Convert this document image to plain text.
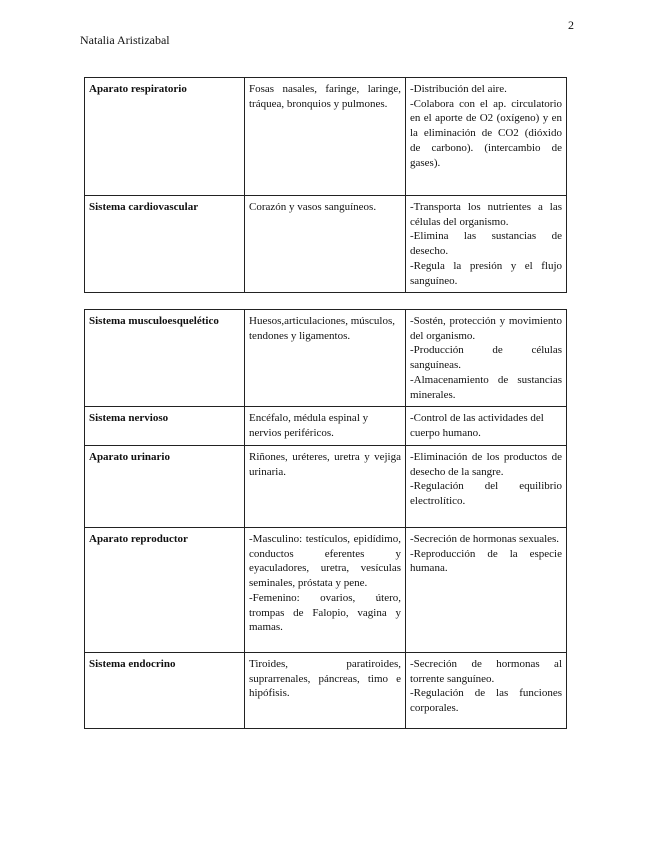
2
Natalia Aristizabal
Aparato respiratorio	Fosas nasales, faringe, laringe, tráquea, bronquios y pulmones.	-Distribución del aire.
-Colabora con el ap. circulatorio en el aporte de O2 (oxígeno) y en la eliminación de CO2 (dióxido de carbono). (intercambio de gases).

Sistema cardiovascular	Corazón y vasos sanguíneos.	-Transporta los nutrientes a las células del organismo.
-Elimina las sustancias de desecho.
-Regula la presión y el flujo sanguíneo.
Sistema musculoesquelético	Huesos,articulaciones, músculos, tendones y ligamentos.	-Sostén, protección y movimiento del organismo.
-Producción de células sanguíneas.
-Almacenamiento de sustancias minerales.

Sistema nervioso	Encéfalo, médula espinal y nervios periféricos.	-Control de las actividades del cuerpo humano.

Aparato urinario	Riñones, uréteres, uretra y vejiga urinaria.	-Eliminación de los productos de desecho de la sangre.
-Regulación del equilibrio electrolítico.

Aparato reproductor	-Masculino: testículos, epidídimo, conductos eferentes y eyaculadores, uretra, vesículas seminales, próstata y pene.
-Femenino: ovarios, útero, trompas de Falopio, vagina y mamas.	-Secreción de hormonas sexuales.
-Reproducción de la especie humana.

Sistema endocrino	Tiroides, paratiroides, suprarrenales, páncreas, timo e hipófisis.	-Secreción de hormonas al torrente sanguíneo.
-Regulación de las funciones corporales.
